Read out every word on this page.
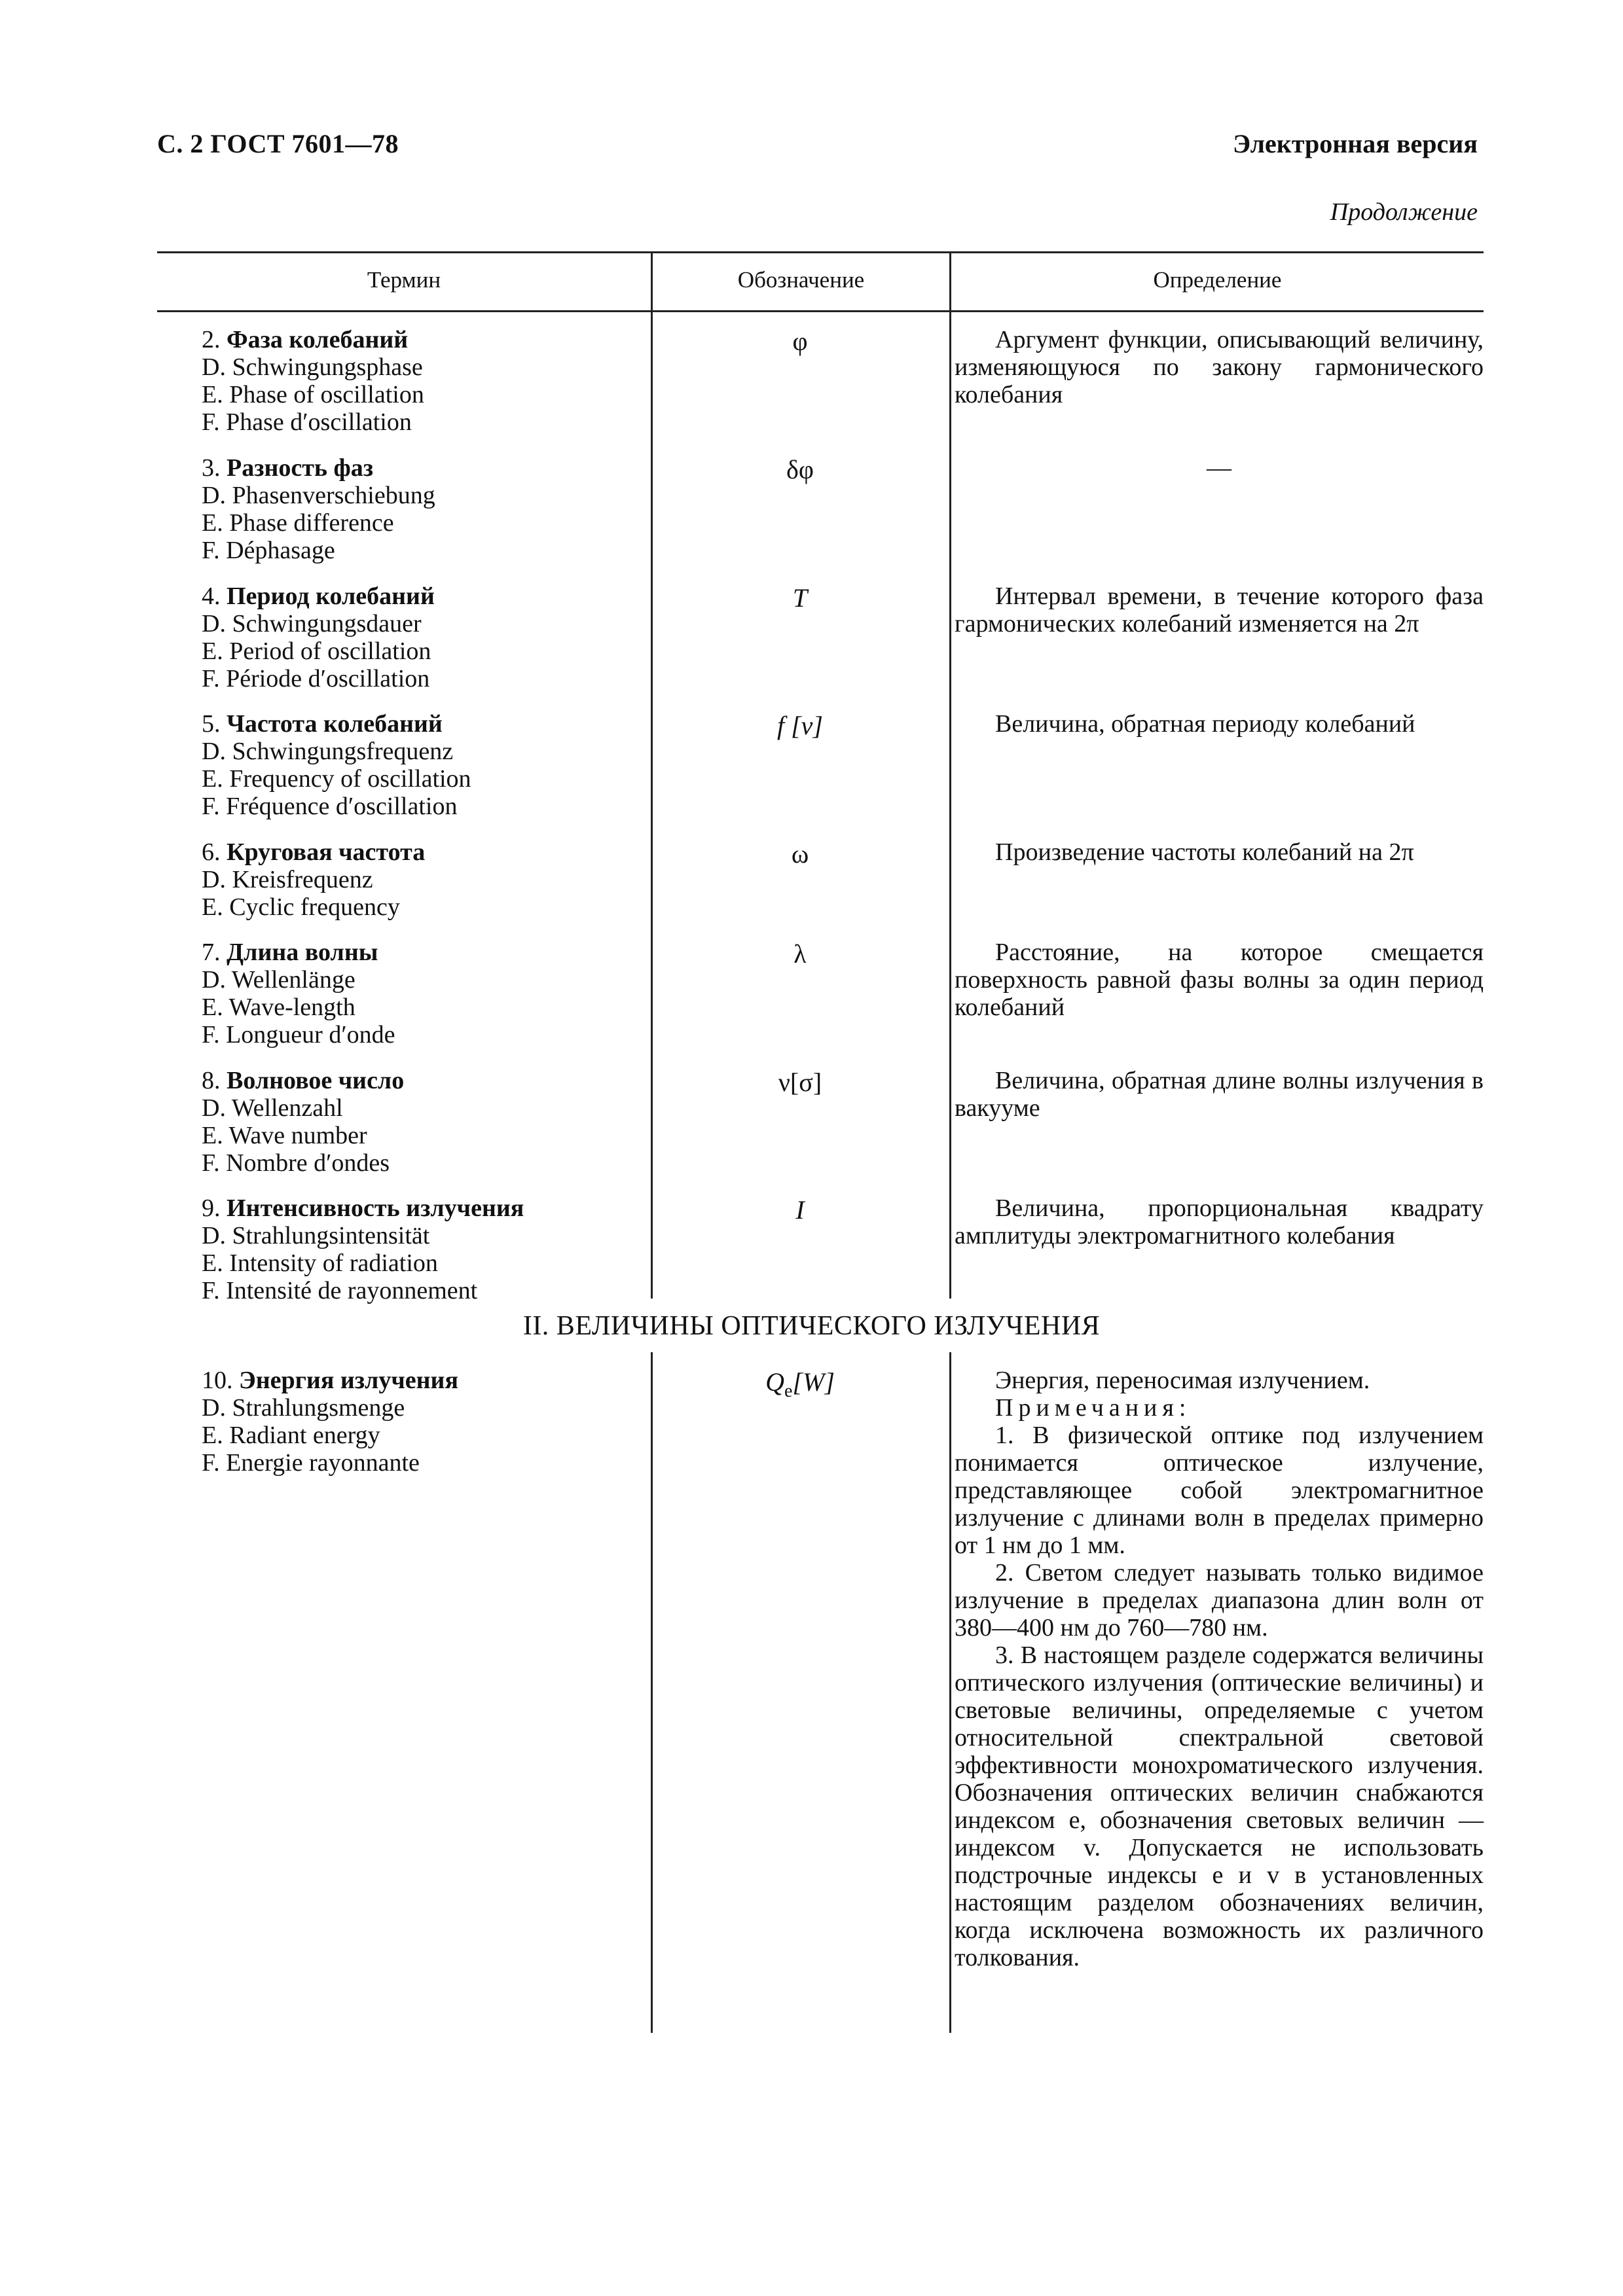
С. 2 ГОСТ 7601—78	Электронная версия
Продолжение
Термин	Обозначение	Определение
2. Фаза колебаний
D. Schwingungsphase
E. Phase of oscillation
F. Phase d′oscillation
φ	Аргумент функции, описывающий величину, изменяющуюся по закону гармонического колебания
3. Разность фаз
D. Phasenverschiebung
E. Phase difference
F. Déphasage
δφ	—
4. Период колебаний
D. Schwingungsdauer
E. Period of oscillation
F. Période d′oscillation
T	Интервал времени, в течение которого фаза гармонических колебаний изменяется на 2π
5. Частота колебаний
D. Schwingungsfrequenz
E. Frequency of oscillation
F. Fréquence d′oscillation
f [ν]	Величина, обратная периоду колебаний
6. Круговая частота
D. Kreisfrequenz
E. Cyclic frequency
ω	Произведение частоты колебаний на 2π
7. Длина волны
D. Wellenlänge
E. Wave-length
F. Longueur d′onde
λ	Расстояние, на которое смещается поверхность равной фазы волны за один период колебаний
8. Волновое число
D. Wellenzahl
E. Wave number
F. Nombre d′ondes
ν[σ]	Величина, обратная длине волны излучения в вакууме
9. Интенсивность излучения
D. Strahlungsintensität
E. Intensity of radiation
F. Intensité de rayonnement
I	Величина, пропорциональная квадрату амплитуды электромагнитного колебания
II. ВЕЛИЧИНЫ ОПТИЧЕСКОГО ИЗЛУЧЕНИЯ
10. Энергия излучения
D. Strahlungsmenge
E. Radiant energy
F. Energie rayonnante
$Q_e[W]$	Энергия, переносимая излучением.

Примечания:

1. В физической оптике под излучением понимается оптическое излучение, представляющее собой электромагнитное излучение с длинами волн в пределах примерно от 1 нм до 1 мм.

2. Светом следует называть только видимое излучение в пределах диапазона длин волн от 380—400 нм до 760—780 нм.

3. В настоящем разделе содержатся величины оптического излучения (оптические величины) и световые величины, определяемые с учетом относительной спектральной световой эффективности монохроматического излучения. Обозначения оптических величин снабжаются индексом e, обозначения световых величин — индексом v. Допускается не использовать подстрочные индексы e и v в установленных настоящим разделом обозначениях величин, когда исключена возможность их различного толкования.
